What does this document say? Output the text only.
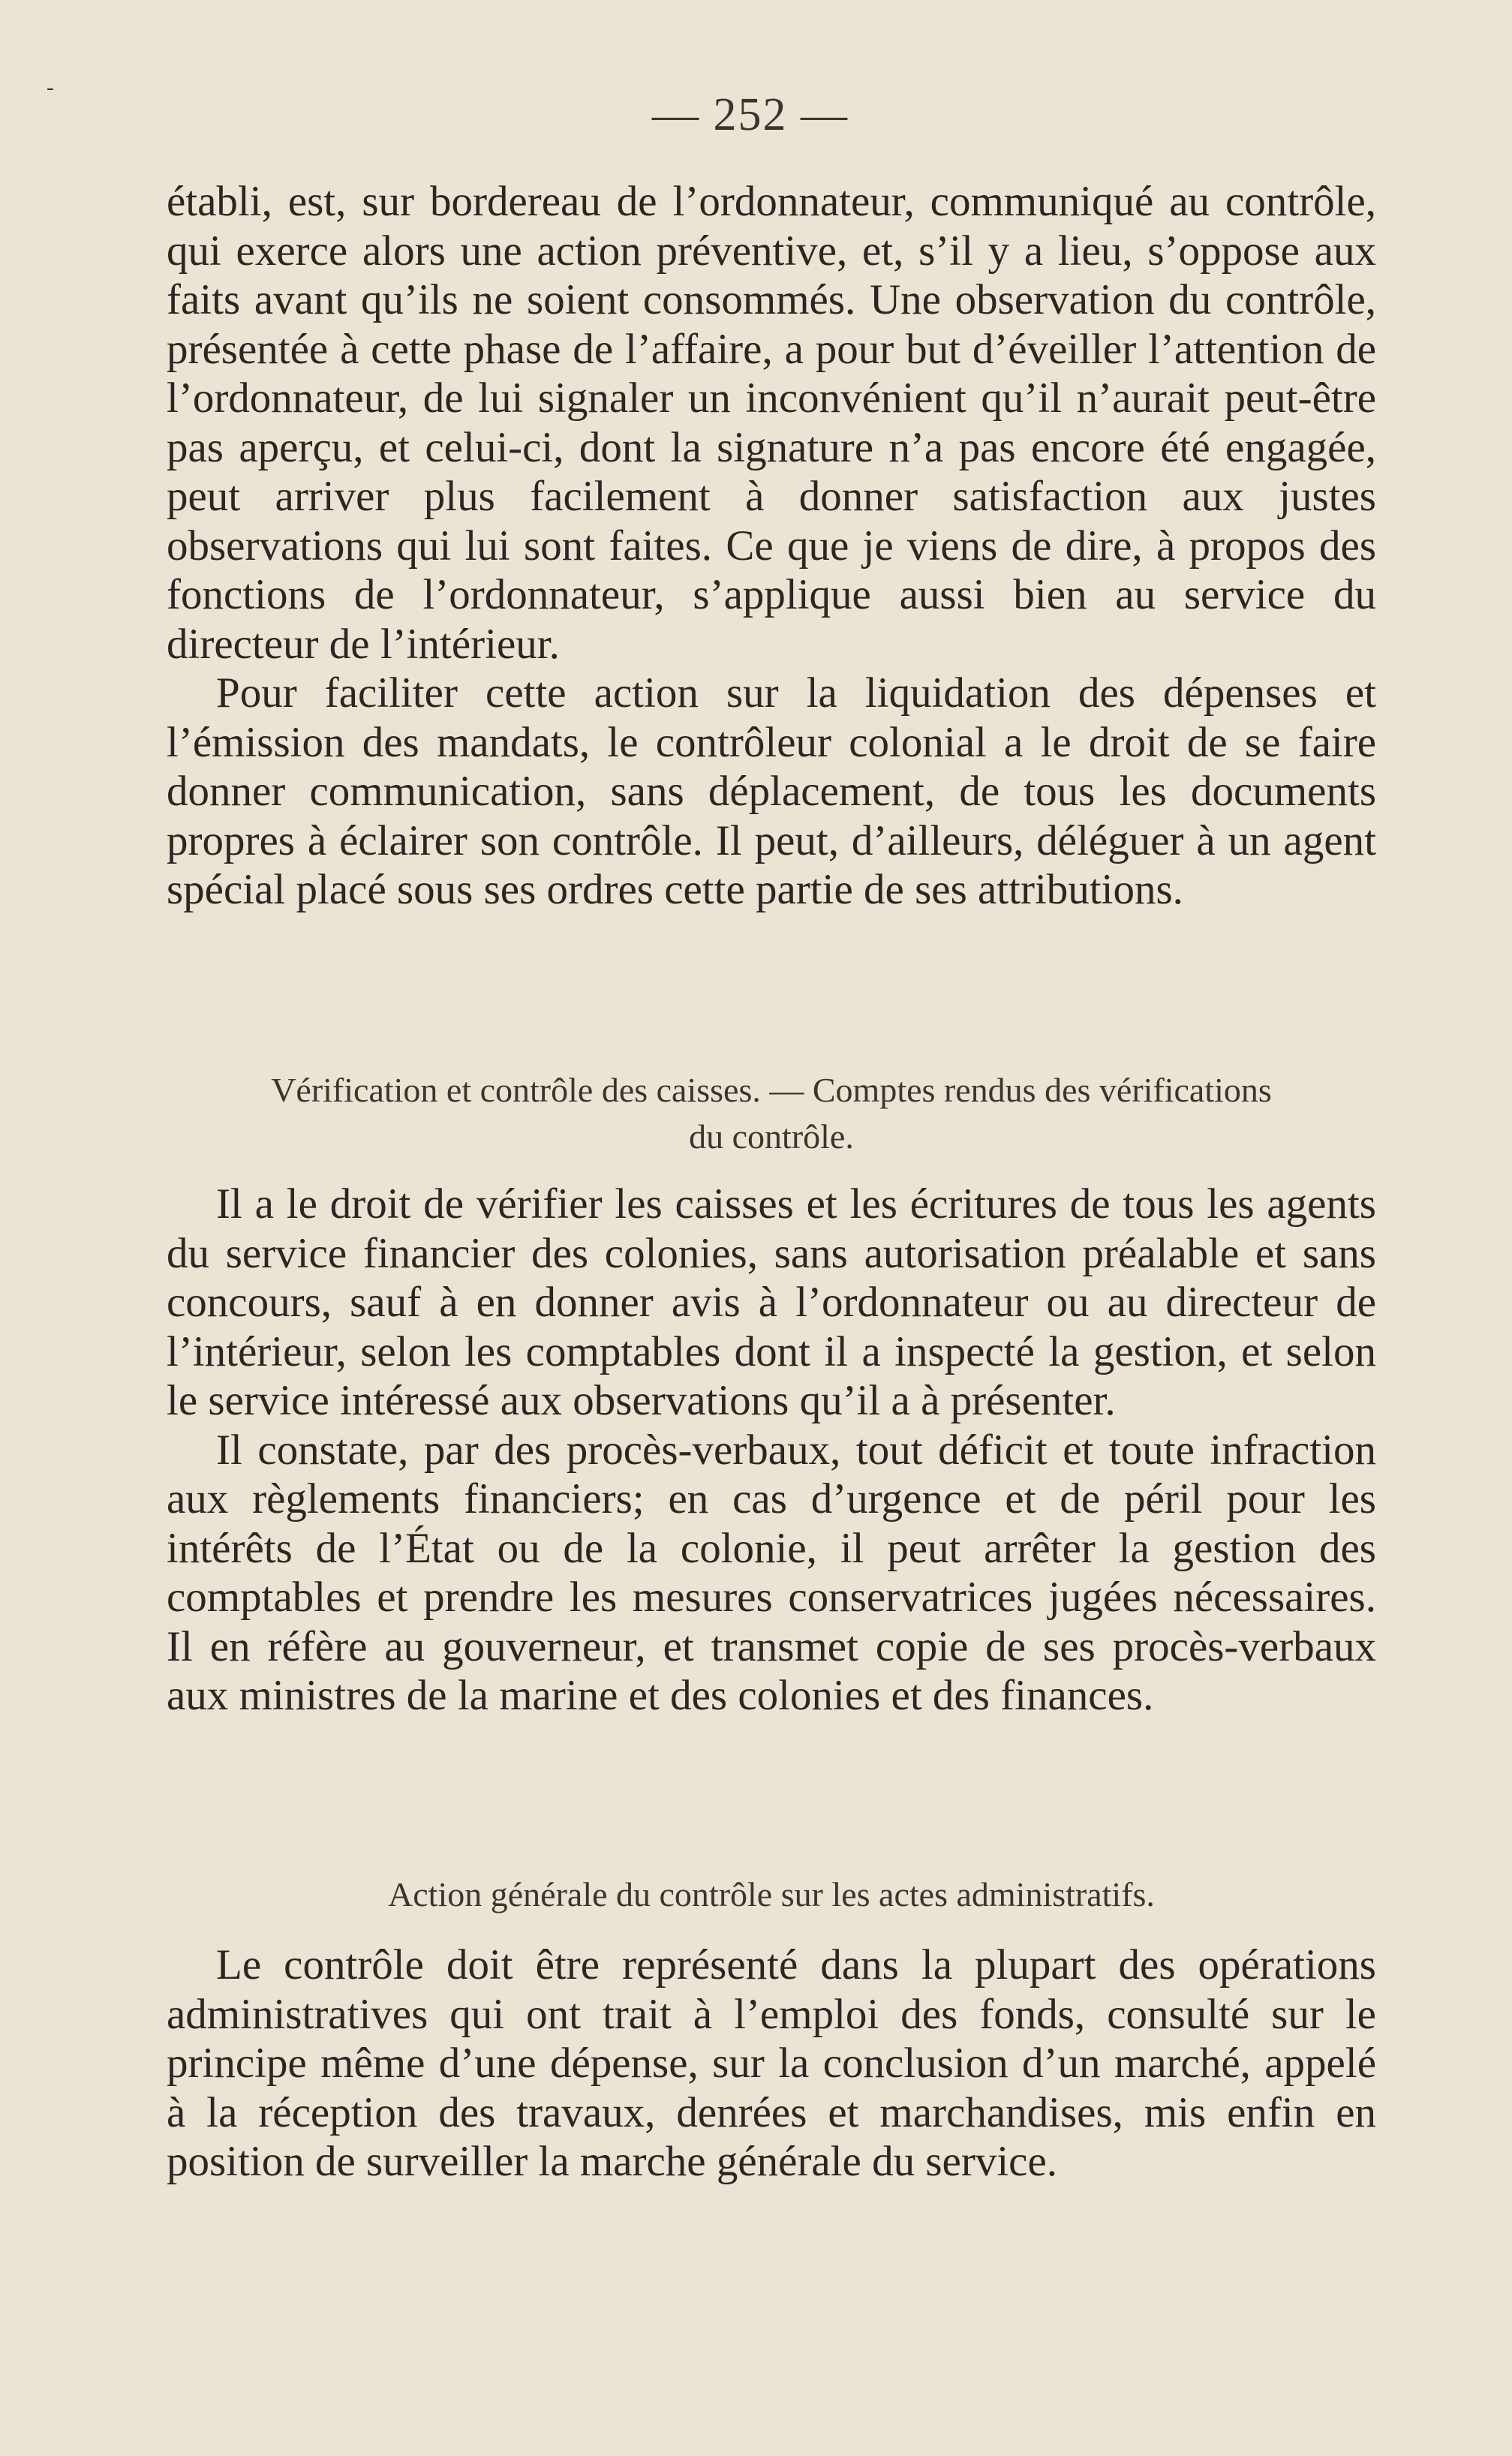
-
— 252 —

établi, est, sur bordereau de l’ordonnateur, communiqué au contrôle, qui exerce alors une action préventive, et, s’il y a lieu, s’oppose aux faits avant qu’ils ne soient consommés. Une observation du contrôle, présentée à cette phase de l’affaire, a pour but d’éveiller l’attention de l’ordonnateur, de lui signaler un inconvénient qu’il n’aurait peut-être pas aperçu, et celui-ci, dont la signature n’a pas encore été engagée, peut arriver plus facilement à donner satisfaction aux justes observations qui lui sont faites. Ce que je viens de dire, à propos des fonctions de l’ordonnateur, s’applique aussi bien au service du directeur de l’intérieur.

Pour faciliter cette action sur la liquidation des dépenses et l’émission des mandats, le contrôleur colonial a le droit de se faire donner communication, sans déplacement, de tous les documents propres à éclairer son contrôle. Il peut, d’ailleurs, déléguer à un agent spécial placé sous ses ordres cette partie de ses attributions.

Vérification et contrôle des caisses. — Comptes rendus des vérifications
du contrôle.

Il a le droit de vérifier les caisses et les écritures de tous les agents du service financier des colonies, sans autorisation préalable et sans concours, sauf à en donner avis à l’ordonnateur ou au directeur de l’intérieur, selon les comptables dont il a inspecté la gestion, et selon le service intéressé aux observations qu’il a à présenter.

Il constate, par des procès-verbaux, tout déficit et toute infraction aux règlements financiers; en cas d’urgence et de péril pour les intérêts de l’État ou de la colonie, il peut arrêter la gestion des comptables et prendre les mesures conservatrices jugées nécessaires. Il en réfère au gouverneur, et transmet copie de ses procès-verbaux aux ministres de la marine et des colonies et des finances.

Action générale du contrôle sur les actes administratifs.

Le contrôle doit être représenté dans la plupart des opérations administratives qui ont trait à l’emploi des fonds, consulté sur le principe même d’une dépense, sur la conclusion d’un marché, appelé à la réception des travaux, denrées et marchandises, mis enfin en position de surveiller la marche générale du service.
